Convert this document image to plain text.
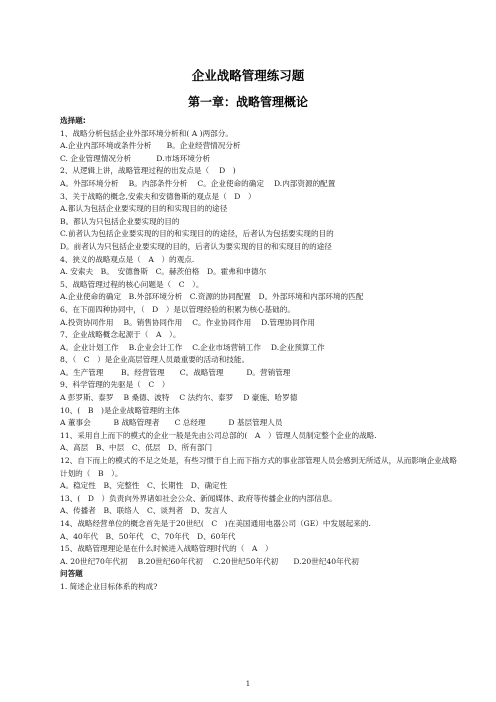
企业战略管理练习题
第一章：战略管理概论
选择题:
1、战略分析包括企业外部环境分析和( A )两部分。
A.企业内部环境或条件分析　　B。企业经营情况分析
C. 企业管理情况分析　　　 D.市场环境分析
2、从逻辑上讲，战略管理过程的出发点是（　 D　)
A。外部环境分析　 B。内部条件分析　 C。企业使命的确定　 D.内部资源的配置
3、关于战略的概念,安索夫和安德鲁斯的观点是（　D　）
A.都认为包括企业要实现的目的和实现目的的途径
B。都认为只包括企业要实现的目的
C.前者认为包括企业要实现的目的和实现目的的途径，后者认为包括要实现的目的
D。前者认为只包括企业要实现的目的，后者认为要实现的目的和实现目的的途径
4、狭义的战略观点是（　A　）的观点.
A. 安索夫　B。　安德鲁斯　C。赫茨伯格　D。霍弗和申德尔
5、战略管理过程的核心问题是（　C　）。
A.企业使命的确定　B.外部环境分析　C.资源的协同配置　D。外部环境和内部环境的匹配
6、在下面四种协同中，（　D　）是以管理经验的积累为核心基础的。
A.投资协同作用　 B。销售协同作用　 C。作业协同作用　 D.管理协同作用
7、企业战略概念起源于（　A　）。
A。企业计划工作　 B.企业会计工作　 C.企业市场营销工作　 D.企业预算工作
8、（　C　）是企业高层管理人员最重要的活动和技能。
A。生产管理　　 B。经营管理　　C。战略管理　　　D。营销管理
9、科学管理的先驱是（　C　）
A 彭罗斯、泰罗　 B 桑德、波特　 C 法约尔、泰罗　 D 豪施、哈罗德
10、(　B　)是企业战略管理的主体
A 董事会　　　B 战略管理者　　C 总经理　　　D 基层管理人员
11、采用自上而下的模式的企业一般是先由公司总部的(　A　）管理人员制定整个企业的战略.
A、高层　B、中层　C、低层　D、所有部门
12、自下而上的模式的不足之处是，有些习惯于自上而下指方式的事业部管理人员会感到无所适从，从而影响企业战略计划的（　B　）。
A。稳定性　B、完整性　C、长期性　D、确定性
13、(　D　）负责向外界诸如社会公众、新闻媒体、政府等传播企业的内部信息。
A、传播者　B、联络人　C、谈判者　D、发言人
14、战略经营单位的概念首先是于20世纪(　C　)在美国通用电器公司（GE）中发展起来的.
A、40年代　B、50年代　C、70年代　D、60年代
15、战略管理理论是在什么时候进入战略管理时代的（　A　）
A. 20世纪70年代初　 B.20世纪60年代初　 C.20世纪50年代初　　D.20世纪40年代初
问答题
1. 简述企业目标体系的构成?
1
